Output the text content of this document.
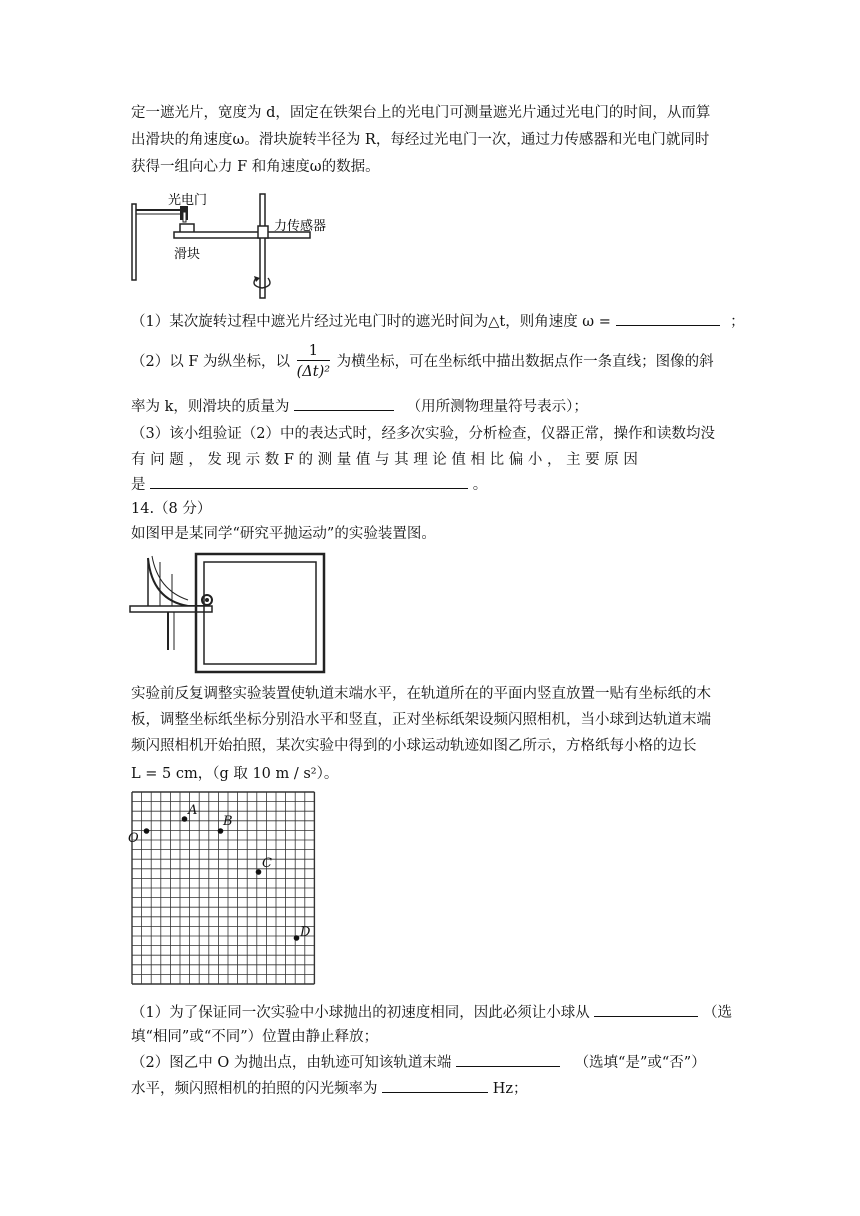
定一遮光片，宽度为 d，固定在铁架台上的光电门可测量遮光片通过光电门的时间，从而算
出滑块的角速度ω。滑块旋转半径为 R，每经过光电门一次，通过力传感器和光电门就同时
获得一组向心力 F 和角速度ω的数据。
光电门
滑块
力传感器
（1）某次旋转过程中遮光片经过光电门时的遮光时间为△t，则角速度 ω =	；
（2）以 F 为纵坐标，以 $\frac{1}{\text{(Δt)²}}$ 为横坐标，可在坐标纸中描出数据点作一条直线；图像的斜
率为 k，则滑块的质量为	（用所测物理量符号表示）；
（3）该小组验证（2）中的表达式时，经多次实验，分析检查，仪器正常，操作和读数均没
有 问 题 ， 发 现 示 数 F 的 测 量 值 与 其 理 论 值 相 比 偏 小 ， 主 要 原 因
是	。
14.（8 分）
如图甲是某同学“研究平抛运动”的实验装置图。
实验前反复调整实验装置使轨道末端水平，在轨道所在的平面内竖直放置一贴有坐标纸的木
板，调整坐标纸坐标分别沿水平和竖直，正对坐标纸架设频闪照相机，当小球到达轨道末端
频闪照相机开始拍照，某次实验中得到的小球运动轨迹如图乙所示，方格纸每小格的边长
L = 5 cm，（g 取 10 m / s²）。
O
A
B
C
D
（1）为了保证同一次实验中小球抛出的初速度相同，因此必须让小球从	（选
填“相同”或“不同”）位置由静止释放；
（2）图乙中 O 为抛出点，由轨迹可知该轨道末端	（选填“是”或“否”）
水平，频闪照相机的拍照的闪光频率为	Hz；
